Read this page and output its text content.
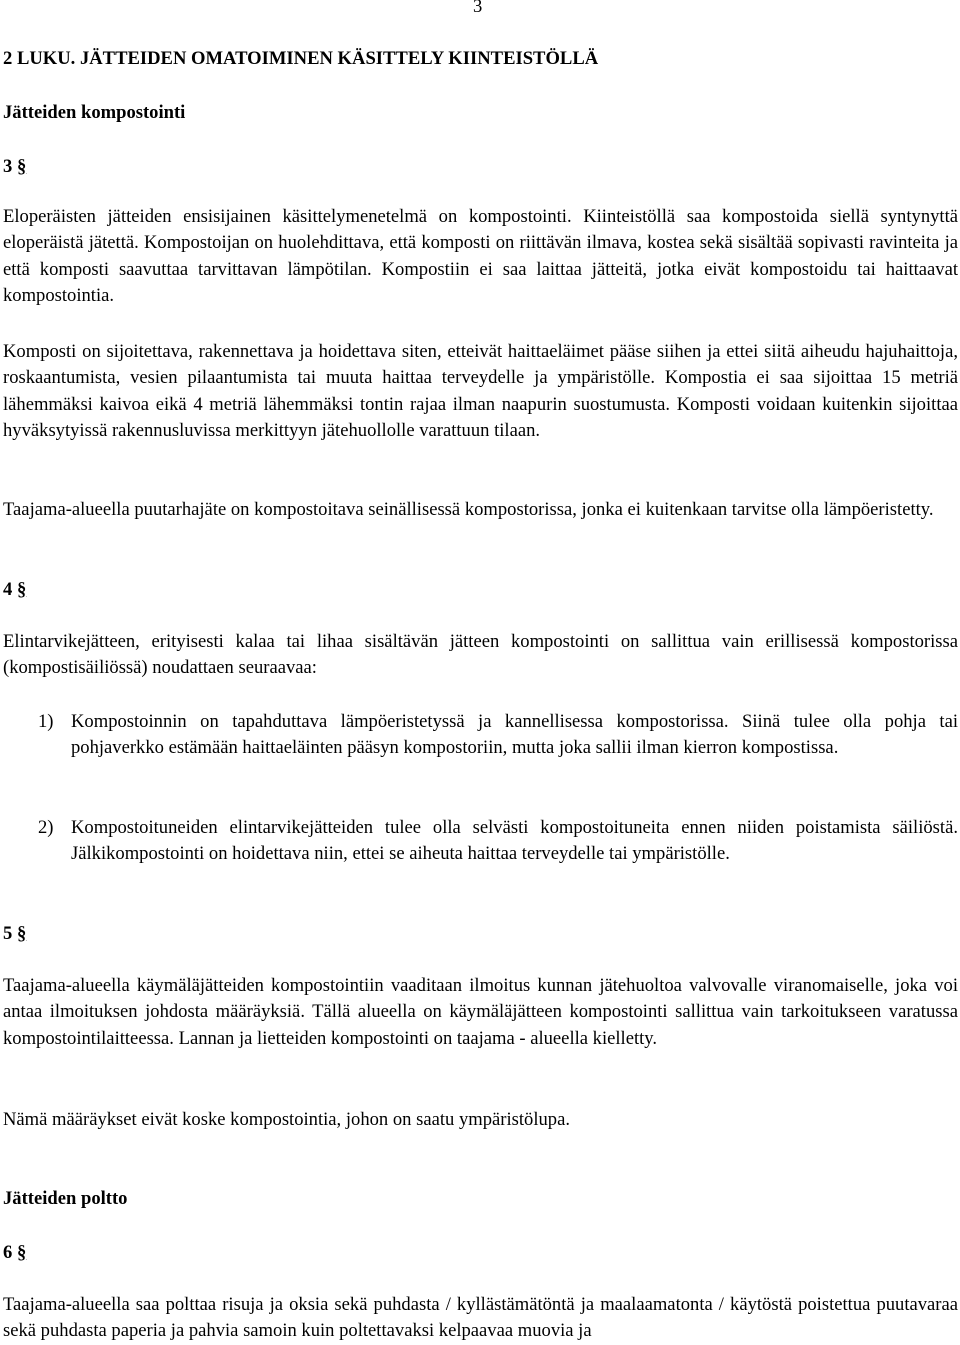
3
2 LUKU. JÄTTEIDEN OMATOIMINEN KÄSITTELY KIINTEISTÖLLÄ
Jätteiden kompostointi
3 §
Eloperäisten jätteiden ensisijainen käsittelymenetelmä on kompostointi. Kiinteistöllä saa kompostoida siellä syntynyttä eloperäistä jätettä. Kompostoijan on huolehdittava, että komposti on riittävän ilmava, kostea sekä sisältää sopivasti ravinteita ja että komposti saavuttaa tarvittavan lämpötilan. Kompostiin ei saa laittaa jätteitä, jotka eivät kompostoidu tai haittaavat kompostointia.
Komposti on sijoitettava, rakennettava ja hoidettava siten, etteivät haittaeläimet pääse siihen ja ettei siitä aiheudu hajuhaittoja, roskaantumista, vesien pilaantumista tai muuta haittaa terveydelle ja ympäristölle. Kompostia ei saa sijoittaa 15 metriä lähemmäksi kaivoa eikä 4 metriä lähemmäksi tontin rajaa ilman naapurin suostumusta. Komposti voidaan kuitenkin sijoittaa hyväksytyissä rakennusluvissa merkittyyn jätehuollolle varattuun tilaan.
Taajama-alueella puutarhajäte on kompostoitava seinällisessä kompostorissa, jonka ei kuitenkaan tarvitse olla lämpöeristetty.
4 §
Elintarvikejätteen, erityisesti kalaa tai lihaa sisältävän jätteen kompostointi on sallittua vain erillisessä kompostorissa (kompostisäiliössä) noudattaen seuraavaa:
1) Kompostoinnin on tapahduttava lämpöeristetyssä ja kannellisessa kompostorissa. Siinä tulee olla pohja tai pohjaverkko estämään haittaeläinten pääsyn kompostoriin, mutta joka sallii ilman kierron kompostissa.
2) Kompostoituneiden elintarvikejätteiden tulee olla selvästi kompostoituneita ennen niiden poistamista säiliöstä. Jälkikompostointi on hoidettava niin, ettei se aiheuta haittaa terveydelle tai ympäristölle.
5 §
Taajama-alueella käymäläjätteiden kompostointiin vaaditaan ilmoitus kunnan jätehuoltoa valvovalle viranomaiselle, joka voi antaa ilmoituksen johdosta määräyksiä. Tällä alueella on käymäläjätteen kompostointi sallittua vain tarkoitukseen varatussa kompostointilaitteessa. Lannan ja lietteiden kompostointi on taajama - alueella kielletty.
Nämä määräykset eivät koske kompostointia, johon on saatu ympäristölupa.
Jätteiden poltto
6 §
Taajama-alueella saa polttaa risuja ja oksia sekä puhdasta / kyllästämätöntä ja maalaamatonta / käytöstä poistettua puutavaraa sekä puhdasta paperia ja pahvia samoin kuin poltettavaksi kelpaavaa muovia ja
